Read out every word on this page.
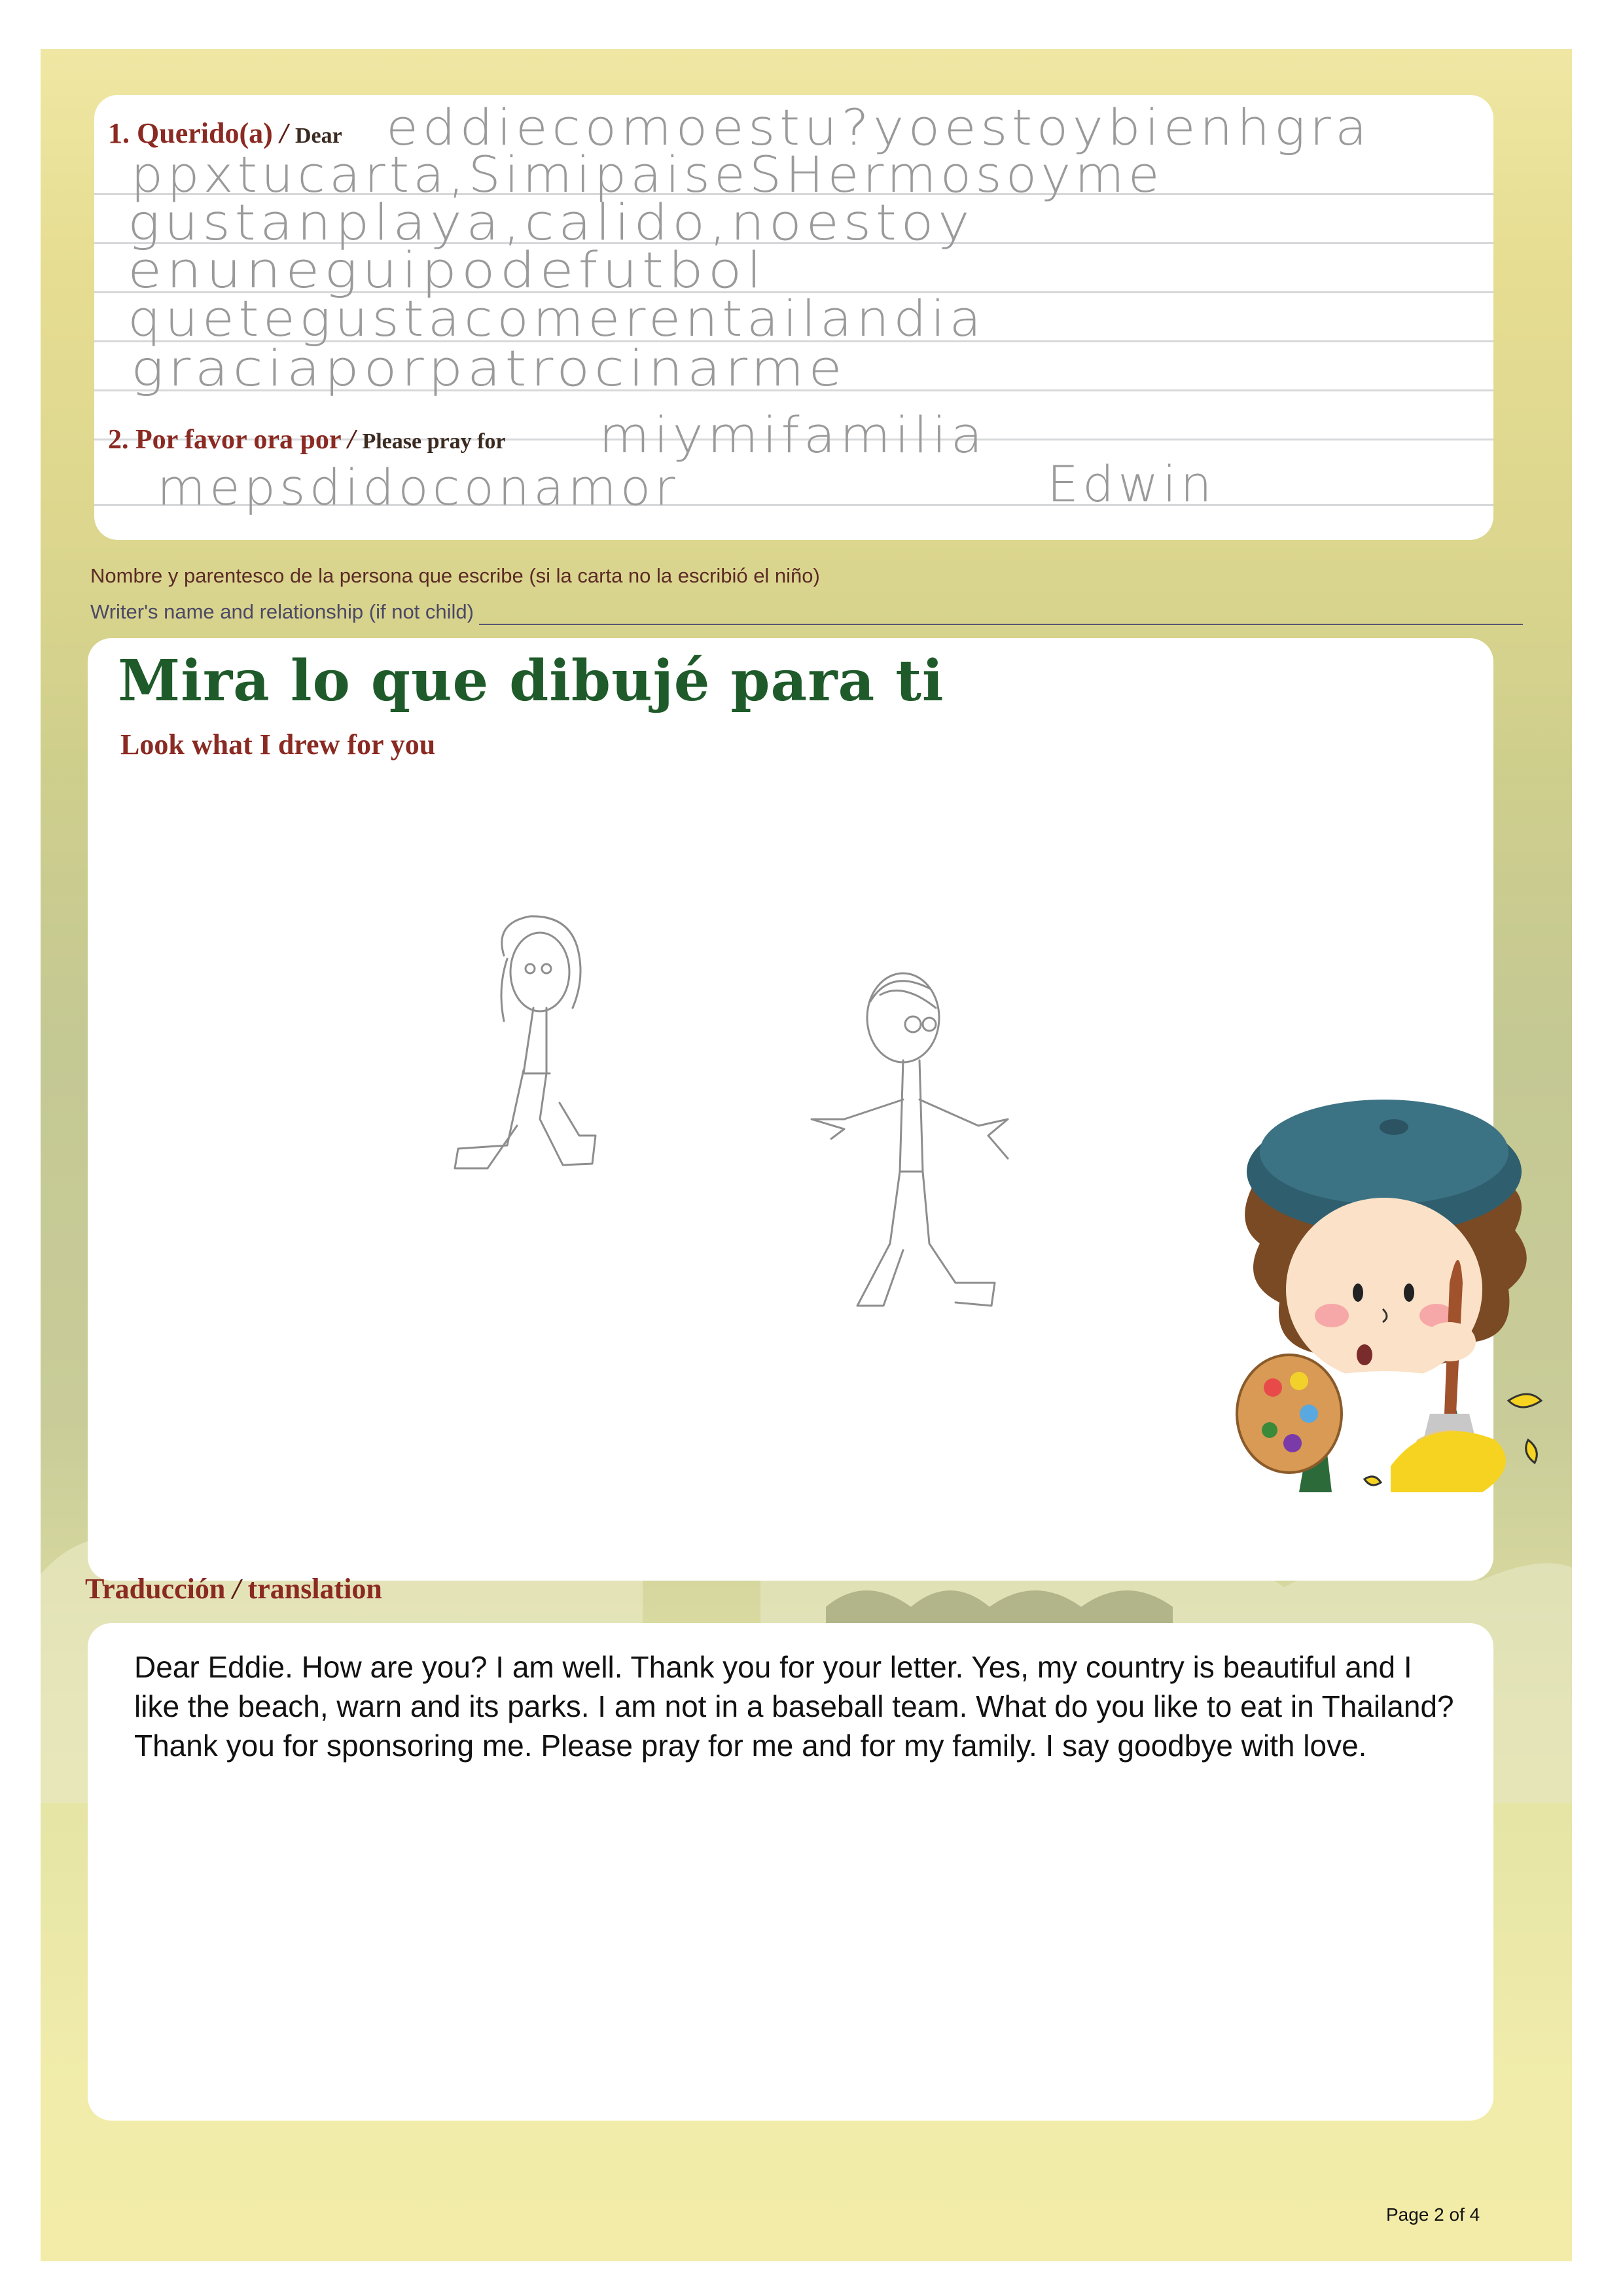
1. Querido(a) / Dear eddiecomoestu?yoestoybienhgra
ppxtucarta,SimipaiseSHermosoyme
gustanplaya,calido,noestoy
enuneguipodefutbol
quetegustacomerentailandia
graciaporpatrocinarme
2. Por favor ora por / Please pray for miymifamilia
mepsdidoconamor	Edwin
Nombre y parentesco de la persona que escribe (si la carta no la escribió el niño)
Writer's name and relationship (if not child)
Mira lo que dibujé para ti
Look what I drew for you
Traducción / translation
Dear Eddie. How are you? I am well. Thank you for your letter. Yes, my country is beautiful and I like the beach, warn and its parks. I am not in a baseball team. What do you like to eat in Thailand? Thank you for sponsoring me. Please pray for me and for my family. I say goodbye with love.
Page 2 of 4
